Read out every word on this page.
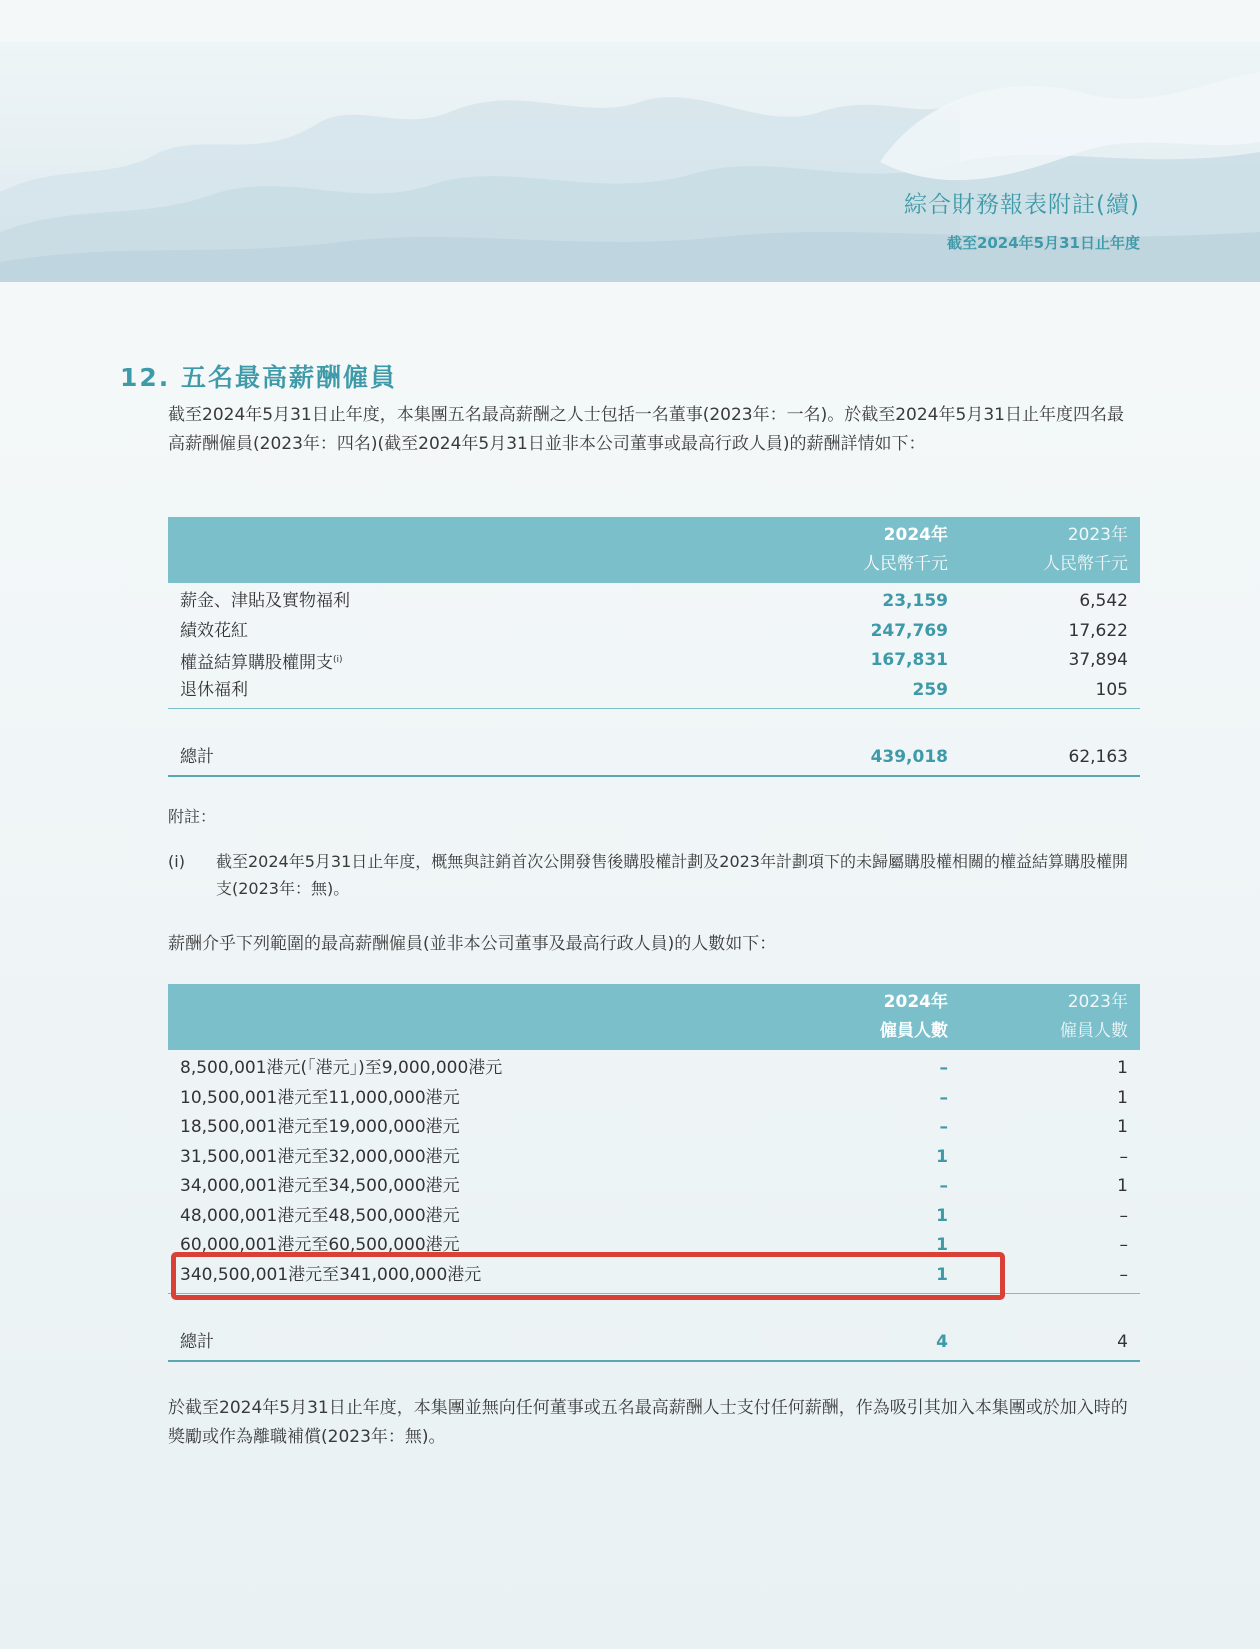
綜合財務報表附註(續)
截至2024年5月31日止年度
12. 五名最高薪酬僱員

截至2024年5月31日止年度，本集團五名最高薪酬之人士包括一名董事(2023年：一名)。於截至2024年5月31日止年度四名最高薪酬僱員(2023年：四名)(截至2024年5月31日並非本公司董事或最高行政人員)的薪酬詳情如下：

2024年
人民幣千元
2023年
人民幣千元
薪金、津貼及實物福利	23,159	6,542
績效花紅	247,769	17,622
權益結算購股權開支$^{(i)}$	167,831	37,894
退休福利	259	105
總計	439,018	62,163
附註：
(i) 截至2024年5月31日止年度，概無與註銷首次公開發售後購股權計劃及2023年計劃項下的未歸屬購股權相關的權益結算購股權開支(2023年：無)。

薪酬介乎下列範圍的最高薪酬僱員(並非本公司董事及最高行政人員)的人數如下：

2024年
僱員人數
2023年
僱員人數
8,500,001港元(「港元」)至9,000,000港元	–	1
10,500,001港元至11,000,000港元	–	1
18,500,001港元至19,000,000港元	–	1
31,500,001港元至32,000,000港元	1	–
34,000,001港元至34,500,000港元	–	1
48,000,001港元至48,500,000港元	1	–
60,000,001港元至60,500,000港元	1	–
340,500,001港元至341,000,000港元	1	–
總計	4	4

於截至2024年5月31日止年度，本集團並無向任何董事或五名最高薪酬人士支付任何薪酬，作為吸引其加入本集團或於加入時的獎勵或作為離職補償(2023年：無)。
